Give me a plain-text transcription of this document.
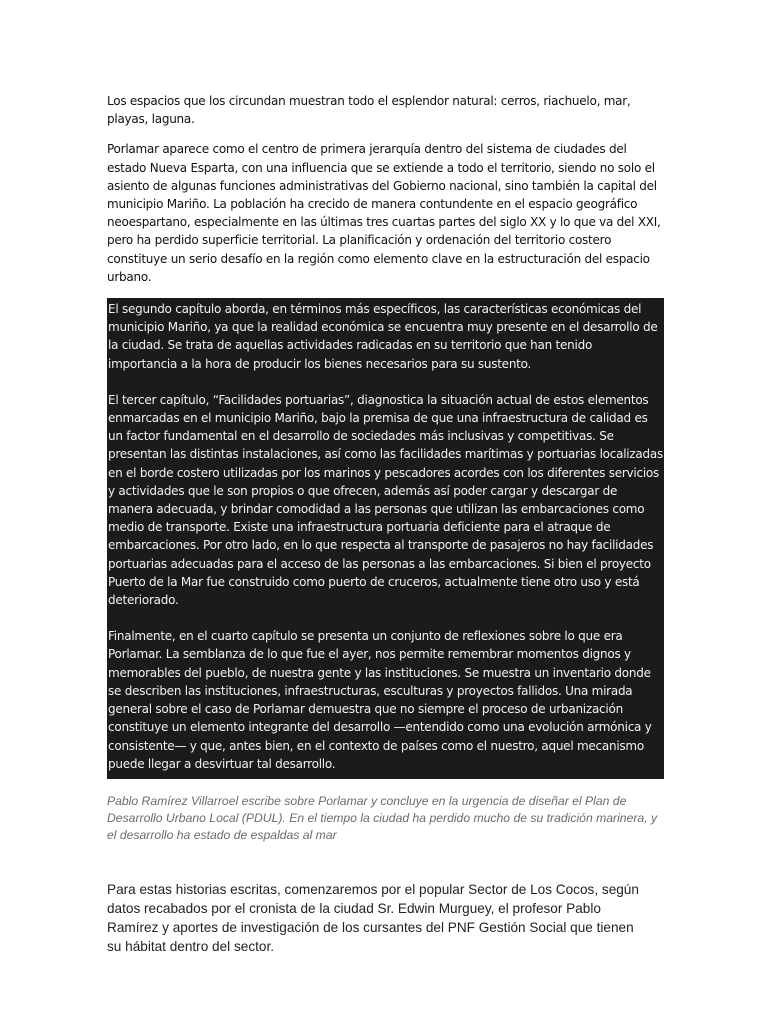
Los espacios que los circundan muestran todo el esplendor natural: cerros, riachuelo, mar, playas, laguna.

Porlamar aparece como el centro de primera jerarquía dentro del sistema de ciudades del estado Nueva Esparta, con una influencia que se extiende a todo el territorio, siendo no solo el asiento de algunas funciones administrativas del Gobierno nacional, sino también la capital del municipio Mariño. La población ha crecido de manera contundente en el espacio geográfico neoespartano, especialmente en las últimas tres cuartas partes del siglo XX y lo que va del XXI, pero ha perdido superficie territorial. La planificación y ordenación del territorio costero constituye un serio desafío en la región como elemento clave en la estructuración del espacio urbano.

El segundo capítulo aborda, en términos más específicos, las características económicas del municipio Mariño, ya que la realidad económica se encuentra muy presente en el desarrollo de la ciudad. Se trata de aquellas actividades radicadas en su territorio que han tenido importancia a la hora de producir los bienes necesarios para su sustento.

El tercer capítulo, “Facilidades portuarias”, diagnostica la situación actual de estos elementos enmarcadas en el municipio Mariño, bajo la premisa de que una infraestructura de calidad es un factor fundamental en el desarrollo de sociedades más inclusivas y competitivas. Se presentan las distintas instalaciones, así como las facilidades marítimas y portuarias localizadas en el borde costero utilizadas por los marinos y pescadores acordes con los diferentes servicios y actividades que le son propios o que ofrecen, además así poder cargar y descargar de manera adecuada, y brindar comodidad a las personas que utilizan las embarcaciones como medio de transporte. Existe una infraestructura portuaria deficiente para el atraque de embarcaciones. Por otro lado, en lo que respecta al transporte de pasajeros no hay facilidades portuarias adecuadas para el acceso de las personas a las embarcaciones. Si bien el proyecto Puerto de la Mar fue construido como puerto de cruceros, actualmente tiene otro uso y está deteriorado.

Finalmente, en el cuarto capítulo se presenta un conjunto de reflexiones sobre lo que era Porlamar. La semblanza de lo que fue el ayer, nos permite remembrar momentos dignos y memorables del pueblo, de nuestra gente y las instituciones. Se muestra un inventario donde se describen las instituciones, infraestructuras, esculturas y proyectos fallidos. Una mirada general sobre el caso de Porlamar demuestra que no siempre el proceso de urbanización constituye un elemento integrante del desarrollo —entendido como una evolución armónica y consistente— y que, antes bien, en el contexto de países como el nuestro, aquel mecanismo puede llegar a desvirtuar tal desarrollo.

Pablo Ramírez Villarroel escribe sobre Porlamar y concluye en la urgencia de diseñar el Plan de Desarrollo Urbano Local (PDUL). En el tiempo la ciudad ha perdido mucho de su tradición marinera, y el desarrollo ha estado de espaldas al mar

Para estas historias escritas, comenzaremos por el popular Sector de Los Cocos, según datos recabados por el cronista de la ciudad Sr. Edwin Murguey, el profesor Pablo Ramírez y aportes de investigación de los cursantes del PNF Gestión Social que tienen su hábitat dentro del sector.
